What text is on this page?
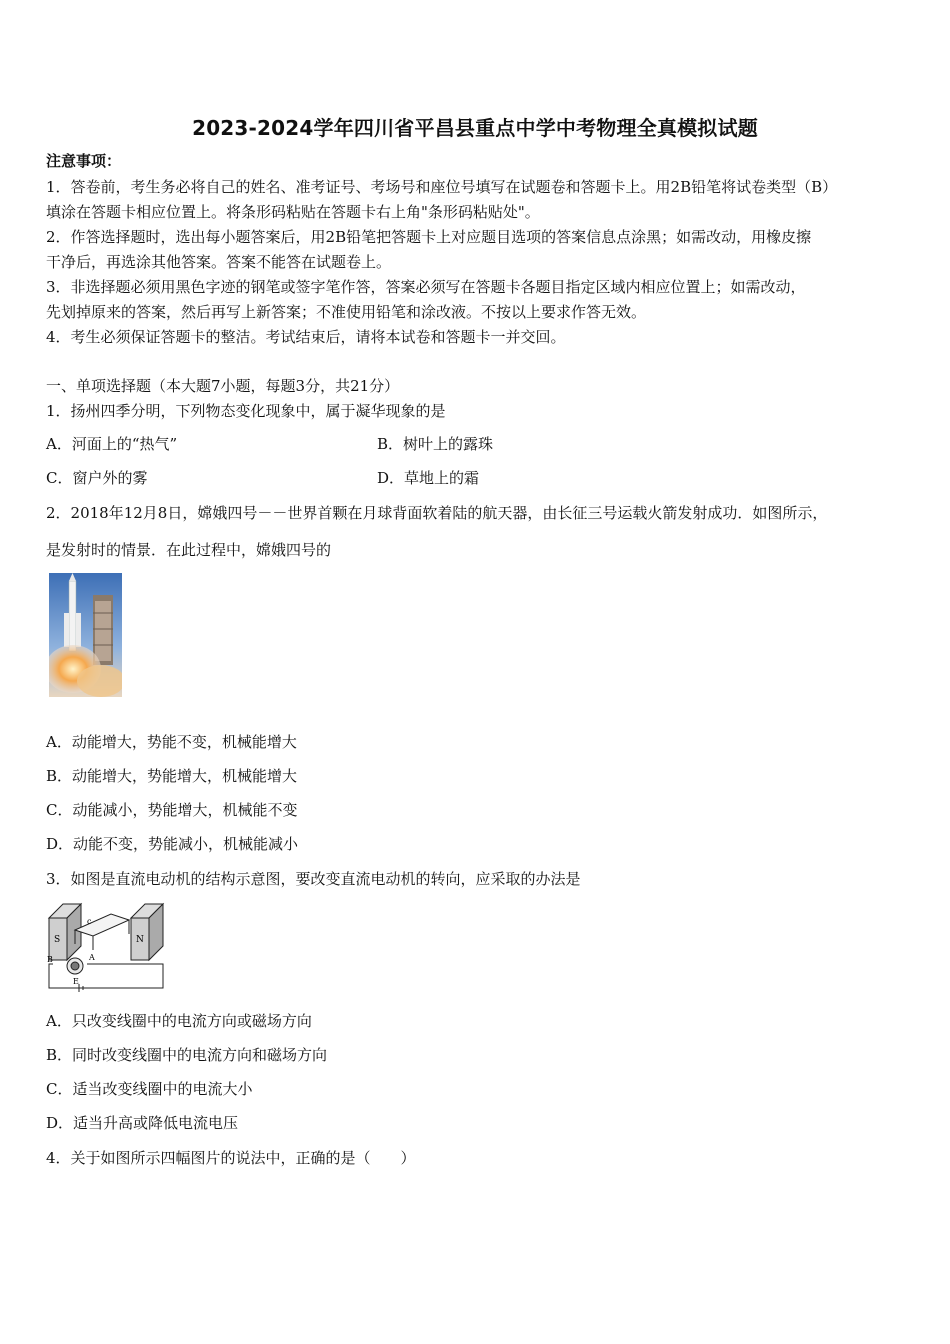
2023-2024学年四川省平昌县重点中学中考物理全真模拟试题
注意事项：
1．答卷前，考生务必将自己的姓名、准考证号、考场号和座位号填写在试题卷和答题卡上。用2B铅笔将试卷类型（B）
填涂在答题卡相应位置上。将条形码粘贴在答题卡右上角"条形码粘贴处"。
2．作答选择题时，选出每小题答案后，用2B铅笔把答题卡上对应题目选项的答案信息点涂黑；如需改动，用橡皮擦
干净后，再选涂其他答案。答案不能答在试题卷上。
3．非选择题必须用黑色字迹的钢笔或签字笔作答，答案必须写在答题卡各题目指定区域内相应位置上；如需改动，
先划掉原来的答案，然后再写上新答案；不准使用铅笔和涂改液。不按以上要求作答无效。
4．考生必须保证答题卡的整洁。考试结束后，请将本试卷和答题卡一并交回。
一、单项选择题（本大题7小题，每题3分，共21分）
1．扬州四季分明，下列物态变化现象中，属于凝华现象的是
A．河面上的“热气”	B．树叶上的露珠
C．窗户外的雾	D．草地上的霜
2．2018年12月8日，嫦娥四号－－世界首颗在月球背面软着陆的航天器，由长征三号运载火箭发射成功．如图所示，
是发射时的情景．在此过程中，嫦娥四号的
A．动能增大，势能不变，机械能增大
B．动能增大，势能增大，机械能增大
C．动能减小，势能增大，机械能不变
D．动能不变，势能减小，机械能减小
3．如图是直流电动机的结构示意图，要改变直流电动机的转向，应采取的办法是
S	N
c
B	A
E
A．只改变线圈中的电流方向或磁场方向
B．同时改变线圈中的电流方向和磁场方向
C．适当改变线圈中的电流大小
D．适当升高或降低电流电压
4．关于如图所示四幅图片的说法中，正确的是（　　）
